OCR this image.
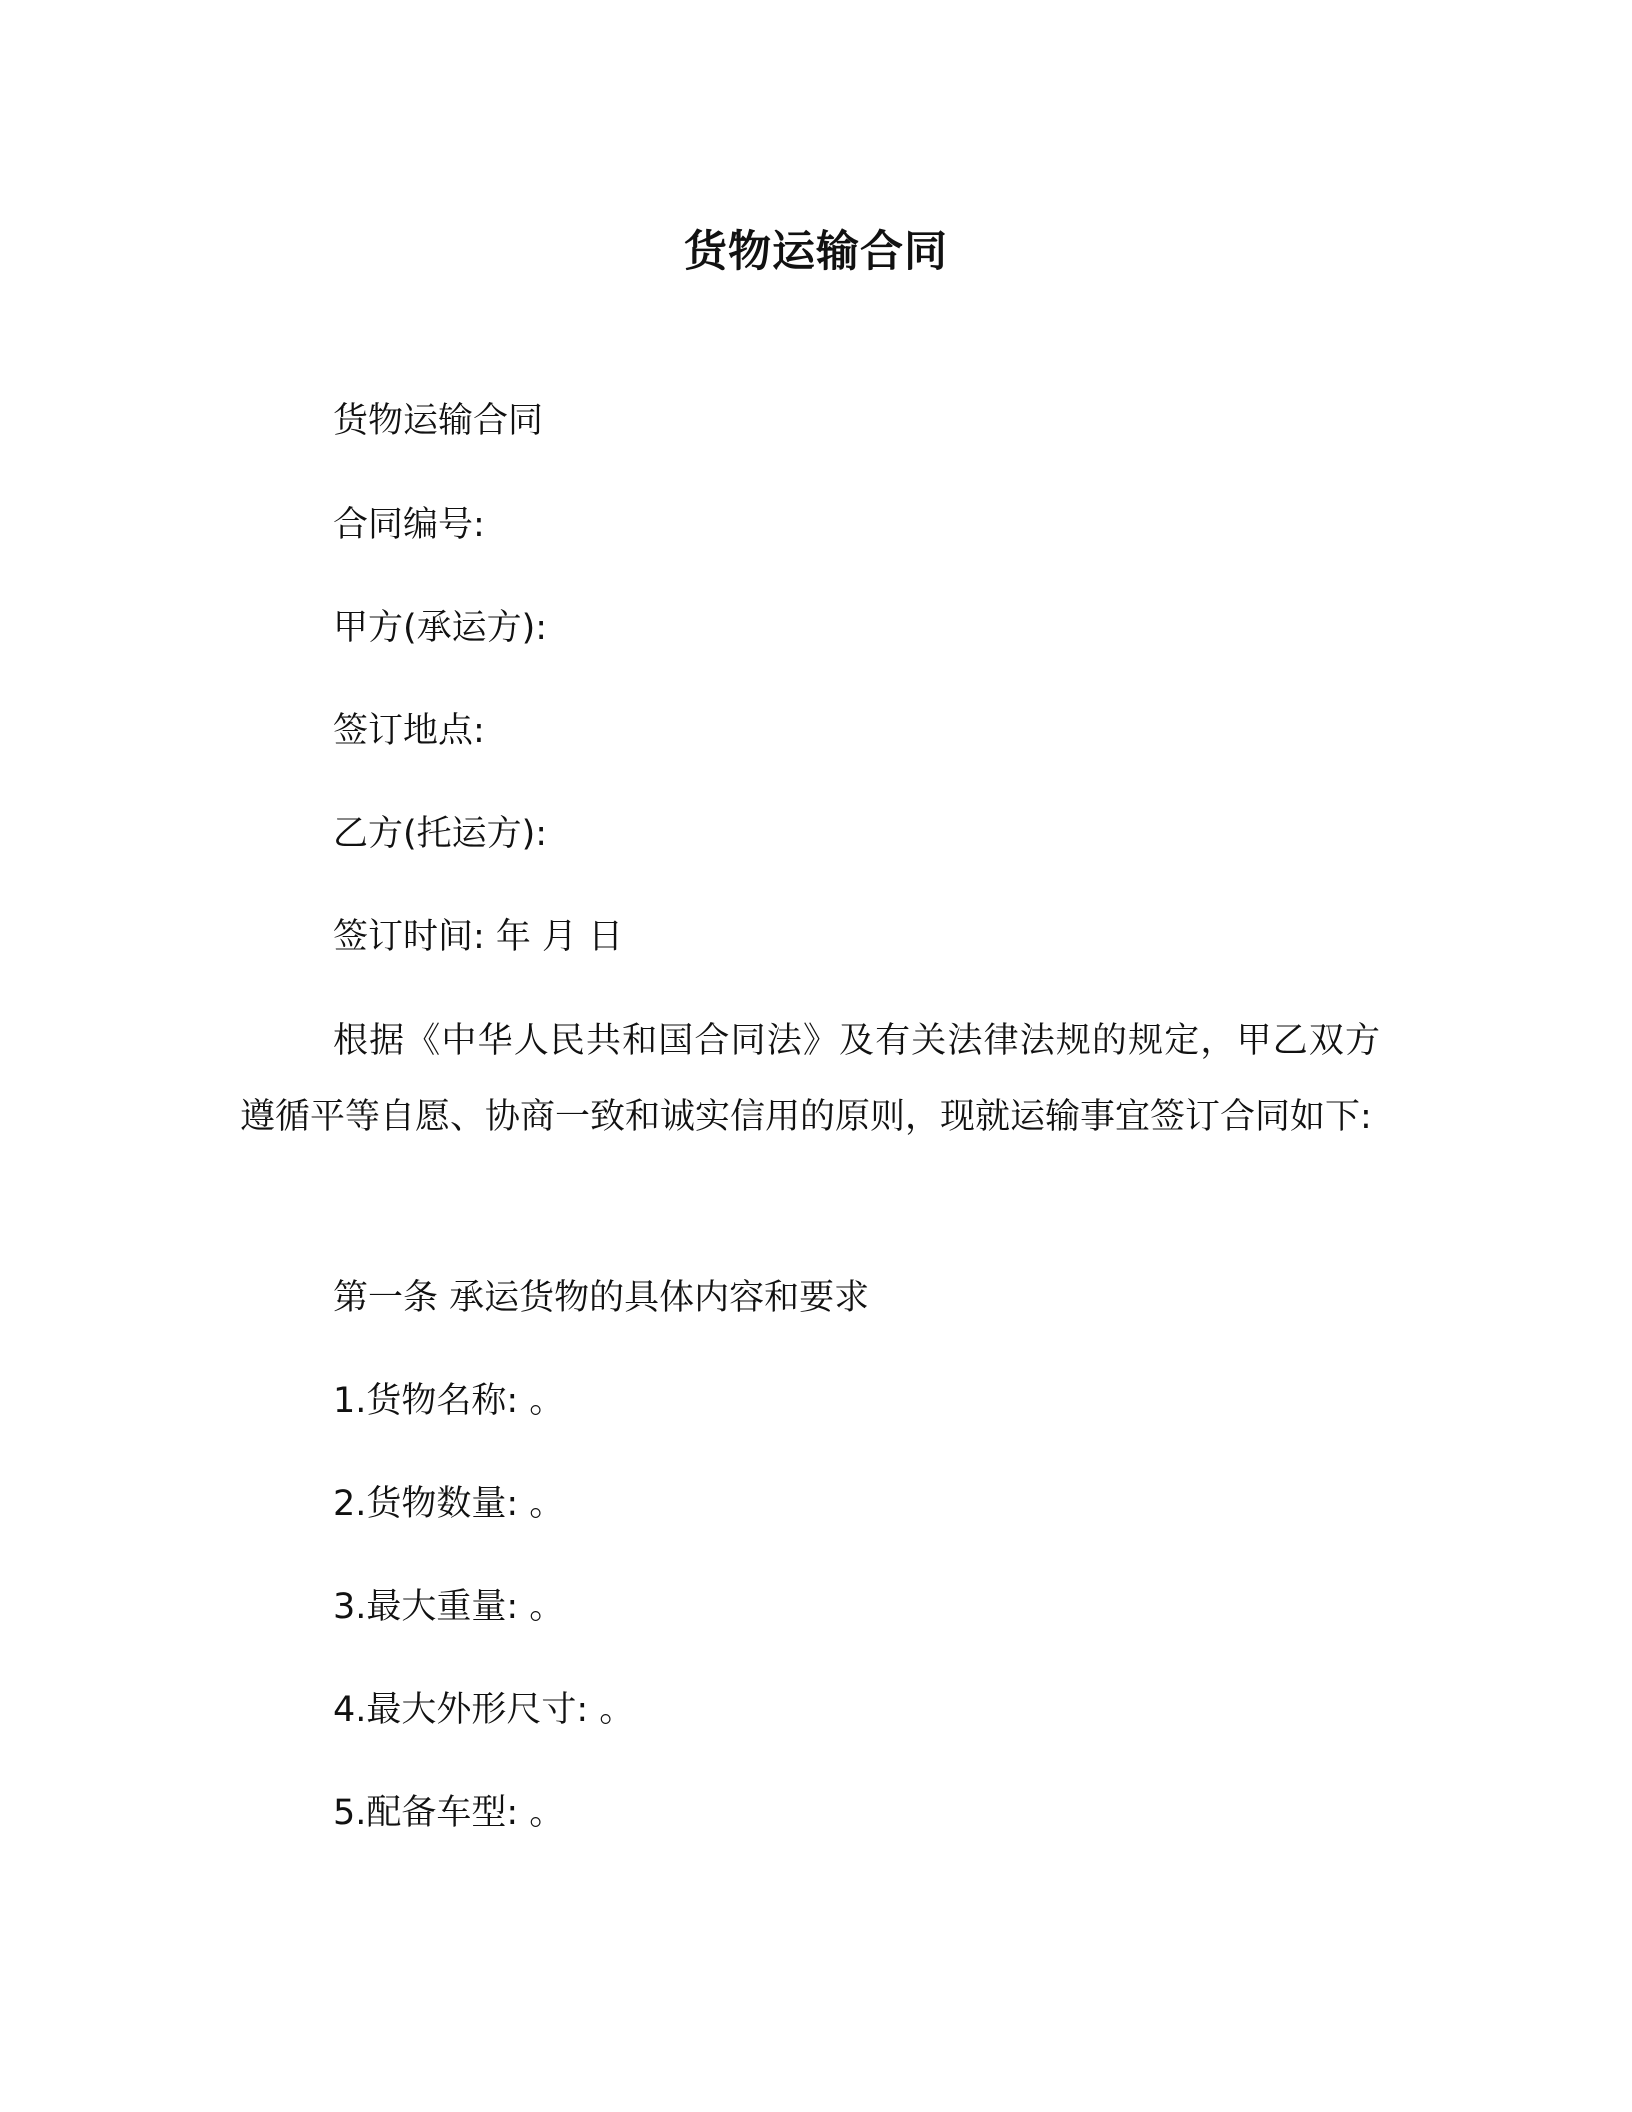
货物运输合同
货物运输合同
合同编号:
甲方(承运方):
签订地点:
乙方(托运方):
签订时间: 年 月 日

根据《中华人民共和国合同法》及有关法律法规的规定，甲乙双方遵循平等自愿、协商一致和诚实信用的原则，现就运输事宜签订合同如下:

第一条 承运货物的具体内容和要求
1.货物名称: 。
2.货物数量: 。
3.最大重量: 。
4.最大外形尺寸: 。
5.配备车型: 。
